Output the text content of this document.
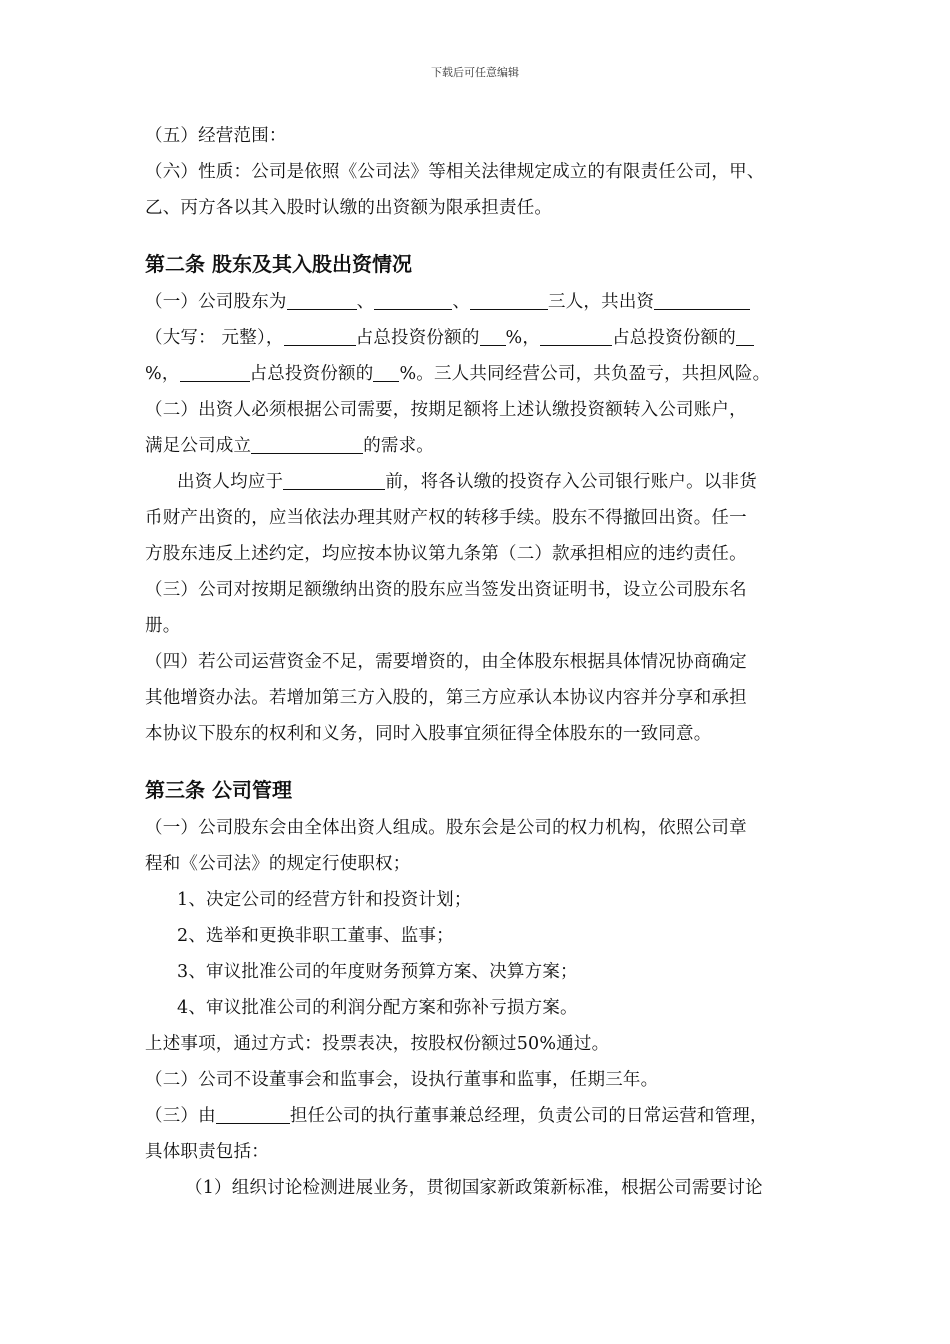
下载后可任意编辑
（五）经营范围：
（六）性质：公司是依照《公司法》等相关法律规定成立的有限责任公司，甲、
乙、丙方各以其入股时认缴的出资额为限承担责任。
第二条 股东及其入股出资情况
（一）公司股东为	、	、	三人，共出资
（大写： 元整），	占总投资份额的 %，	占总投资份额的
%，	占总投资份额的 %。三人共同经营公司，共负盈亏，共担风险。
（二）出资人必须根据公司需要，按期足额将上述认缴投资额转入公司账户，
满足公司成立	的需求。
出资人均应于	前，将各认缴的投资存入公司银行账户。以非货
币财产出资的，应当依法办理其财产权的转移手续。股东不得撤回出资。任一
方股东违反上述约定，均应按本协议第九条第（二）款承担相应的违约责任。
（三）公司对按期足额缴纳出资的股东应当签发出资证明书，设立公司股东名
册。
（四）若公司运营资金不足，需要增资的，由全体股东根据具体情况协商确定
其他增资办法。若增加第三方入股的，第三方应承认本协议内容并分享和承担
本协议下股东的权利和义务，同时入股事宜须征得全体股东的一致同意。
第三条 公司管理
（一）公司股东会由全体出资人组成。股东会是公司的权力机构，依照公司章
程和《公司法》的规定行使职权；
1、决定公司的经营方针和投资计划；
2、选举和更换非职工董事、监事；
3、审议批准公司的年度财务预算方案、决算方案；
4、审议批准公司的利润分配方案和弥补亏损方案。
上述事项，通过方式：投票表决，按股权份额过50%通过。
（二）公司不设董事会和监事会，设执行董事和监事，任期三年。
（三）由	担任公司的执行董事兼总经理，负责公司的日常运营和管理，
具体职责包括：
（1）组织讨论检测进展业务，贯彻国家新政策新标准，根据公司需要讨论
